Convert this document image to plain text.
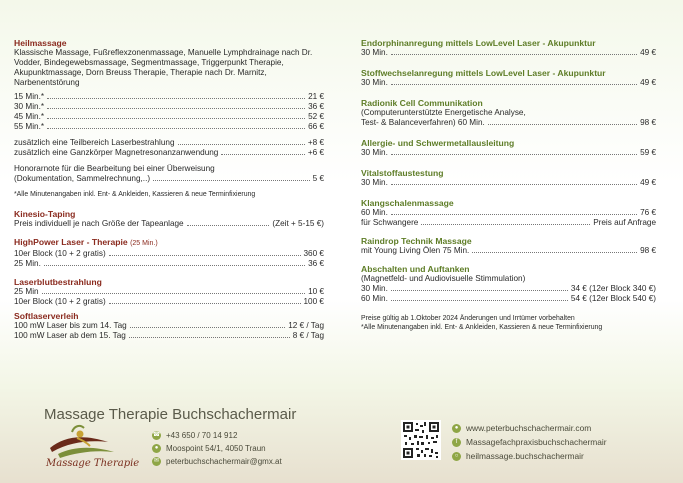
Heilmassage
Klassische Massage, Fußreflexzonenmassage, Manuelle Lymphdrainage nach Dr. Vodder, Bindegewebsmassage, Segmentmassage, Triggerpunkt Therapie, Akupunktmassage, Dorn Breuss Therapie, Therapie nach Dr. Marnitz, Narbenentstörung
15 Min.*	21 €
30 Min.*	36 €
45 Min.*	52 €
55 Min.*	66 €
zusätzlich eine Teilbereich Laserbestrahlung	+8 €
zusätzlich eine Ganzkörper Magnetresonanzanwendung	+6 €
Honorarnote für die Bearbeitung bei einer Überweisung
(Dokumentation, Sammelrechnung,..)	5 €
*Alle Minutenangaben inkl. Ent- & Ankleiden, Kassieren & neue Terminfixierung
Kinesio-Taping
Preis individuell je nach Größe der Tapeanlage	(Zeit + 5-15 €)
HighPower Laser - Therapie (25 Min.)
10er Block (10 + 2 gratis)	360 €
25 Min.	36 €
Laserblutbestrahlung
25 Min	10 €
10er Block (10 + 2 gratis)	100 €
Softlaserverleih
100 mW Laser bis zum 14. Tag	12 € / Tag
100 mW Laser ab dem 15. Tag	8 € / Tag
Endorphinanregung mittels LowLevel Laser - Akupunktur
30 Min.	49 €
Stoffwechselanregung mittels LowLevel Laser - Akupunktur
30 Min.	49 €
Radionik Cell Communikation
(Computerunterstützte Energetische Analyse,
Test- & Balanceverfahren) 60 Min.	98 €
Allergie- und Schwermetallausleitung
30 Min.	59 €
Vitalstoffaustestung
30 Min.	49 €
Klangschalenmassage
60 Min.	76 €
für Schwangere	Preis auf Anfrage
Raindrop Technik Massage
mit Young Living Ölen 75 Min.	98 €
Abschalten und Auftanken
(Magnetfeld- und Audiovisuelle Stimmulation)
30 Min.	34 € (12er Block 340 €)
60 Min.	54 € (12er Block 540 €)
Preise gültig ab 1.Oktober 2024 Änderungen und Irrtümer vorbehalten
*Alle Minutenangaben inkl. Ent- & Ankleiden, Kassieren & neue Terminfixierung
Massage Therapie Buchschachermair
Massage Therapie
☎ +43 650 / 70 14 912
● Moospoint 54/1, 4050 Traun
✉ peterbuchschachermair@gmx.at
● www.peterbuchschachermair.com
f	Massagefachpraxisbuchschachermair
○ heilmassage.buchschachermair
